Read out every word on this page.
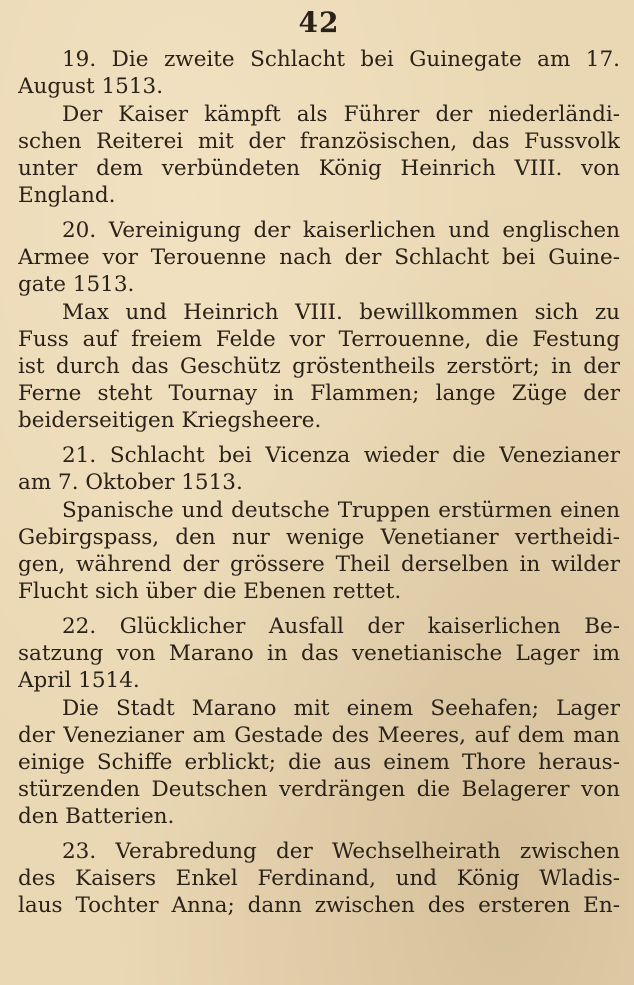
42
19. Die zweite Schlacht bei Guinegate am 17.
August 1513.
Der Kaiser kämpft als Führer der niederländi-
schen Reiterei mit der französischen, das Fussvolk
unter dem verbündeten König Heinrich VIII. von
England.
20. Vereinigung der kaiserlichen und englischen
Armee vor Terouenne nach der Schlacht bei Guine-
gate 1513.
Max und Heinrich VIII. bewillkommen sich zu
Fuss auf freiem Felde vor Terrouenne, die Festung
ist durch das Geschütz gröstentheils zerstört; in der
Ferne steht Tournay in Flammen; lange Züge der
beiderseitigen Kriegsheere.
21. Schlacht bei Vicenza wieder die Venezianer
am 7. Oktober 1513.
Spanische und deutsche Truppen erstürmen einen
Gebirgspass, den nur wenige Venetianer vertheidi-
gen, während der grössere Theil derselben in wilder
Flucht sich über die Ebenen rettet.
22. Glücklicher Ausfall der kaiserlichen Be-
satzung von Marano in das venetianische Lager im
April 1514.
Die Stadt Marano mit einem Seehafen; Lager
der Venezianer am Gestade des Meeres, auf dem man
einige Schiffe erblickt; die aus einem Thore heraus-
stürzenden Deutschen verdrängen die Belagerer von
den Batterien.
23. Verabredung der Wechselheirath zwischen
des Kaisers Enkel Ferdinand, und König Wladis-
laus Tochter Anna; dann zwischen des ersteren En-
